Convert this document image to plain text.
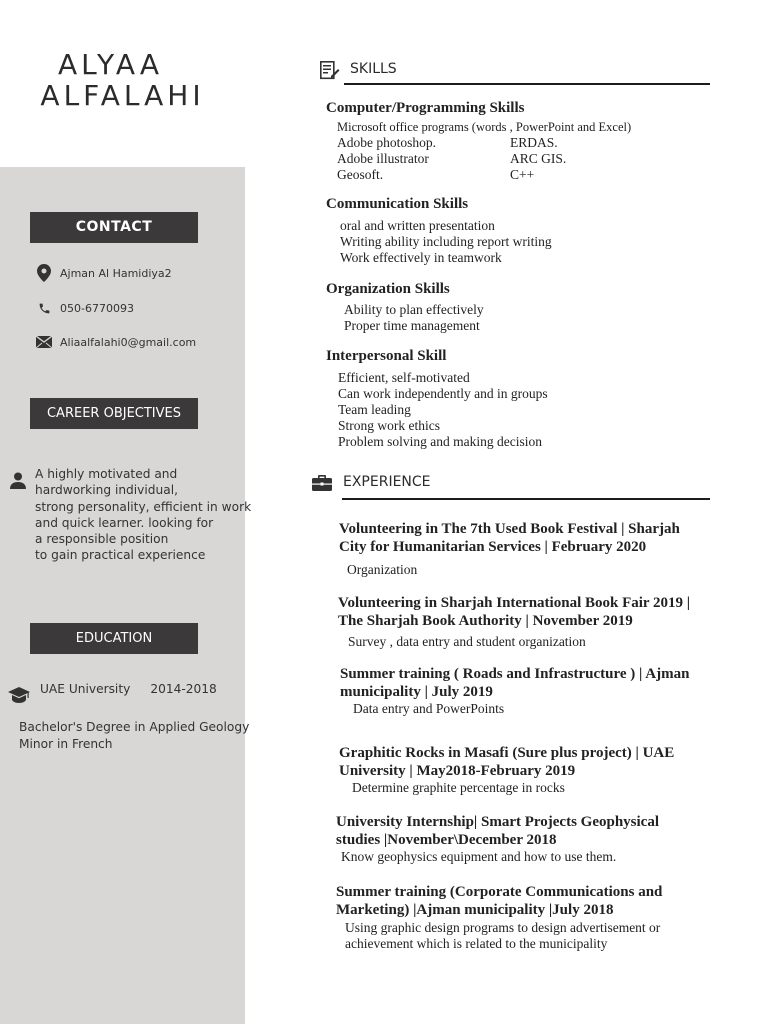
ALYAA
ALFALAHI
CONTACT
Ajman Al Hamidiya2
050-6770093
Aliaalfalahi0@gmail.com
CAREER OBJECTIVES
A highly motivated and
hardworking individual,
strong personality, efficient in work
and quick learner. looking for
a responsible position
to gain practical experience
EDUCATION
UAE University 2014-2018
Bachelor's Degree in Applied Geology
Minor in French
SKILLS
Computer/Programming Skills
Microsoft office programs (words , PowerPoint and Excel)
Adobe photoshop.	ERDAS.
Adobe illustrator	ARC GIS.
Geosoft.	C++
Communication Skills
oral and written presentation
Writing ability including report writing
Work effectively in teamwork
Organization Skills
Ability to plan effectively
Proper time management
Interpersonal Skill
Efficient, self-motivated
Can work independently and in groups
Team leading
Strong work ethics
Problem solving and making decision
EXPERIENCE
Volunteering in The 7th Used Book Festival | Sharjah
City for Humanitarian Services | February 2020
Organization
Volunteering in Sharjah International Book Fair 2019 |
The Sharjah Book Authority | November 2019
Survey , data entry and student organization
Summer training ( Roads and Infrastructure ) | Ajman
municipality | July 2019
Data entry and PowerPoints
Graphitic Rocks in Masafi (Sure plus project) | UAE
University | May2018-February 2019
Determine graphite percentage in rocks
University Internship| Smart Projects Geophysical
studies |November\December 2018
Know geophysics equipment and how to use them.
Summer training (Corporate Communications and
Marketing) |Ajman municipality |July 2018
Using graphic design programs to design advertisement or
achievement which is related to the municipality
